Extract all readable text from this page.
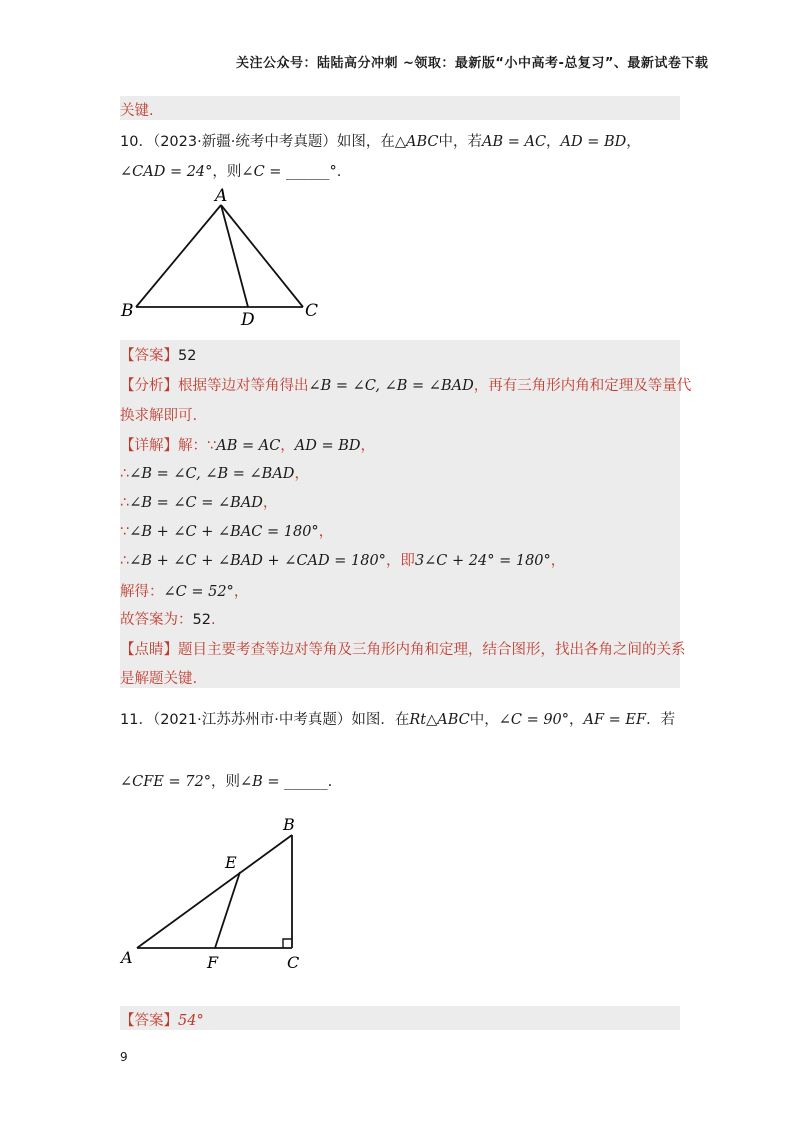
关注公众号：陆陆高分冲刺 ~领取：最新版“小中高考-总复习”、最新试卷下载
关键.
10．（2023·新疆·统考中考真题）如图，在△ABC中，若AB = AC，AD = BD，
∠CAD = 24°，则∠C = ______°.
A
B	C
D
【答案】52
【分析】根据等边对等角得出∠B = ∠C, ∠B = ∠BAD，再有三角形内角和定理及等量代
换求解即可.
【详解】解：∵AB = AC，AD = BD，
∴∠B = ∠C, ∠B = ∠BAD，
∴∠B = ∠C = ∠BAD，
∵∠B + ∠C + ∠BAC = 180°，
∴∠B + ∠C + ∠BAD + ∠CAD = 180°，即3∠C + 24° = 180°，
解得：∠C = 52°，
故答案为：52.
【点睛】题目主要考查等边对等角及三角形内角和定理，结合图形，找出各角之间的关系
是解题关键.
11．（2021·江苏苏州市·中考真题）如图．在Rt△ABC中，∠C = 90°，AF = EF．若
∠CFE = 72°，则∠B = ______.
B
E
A	F	C
【答案】54°
9
